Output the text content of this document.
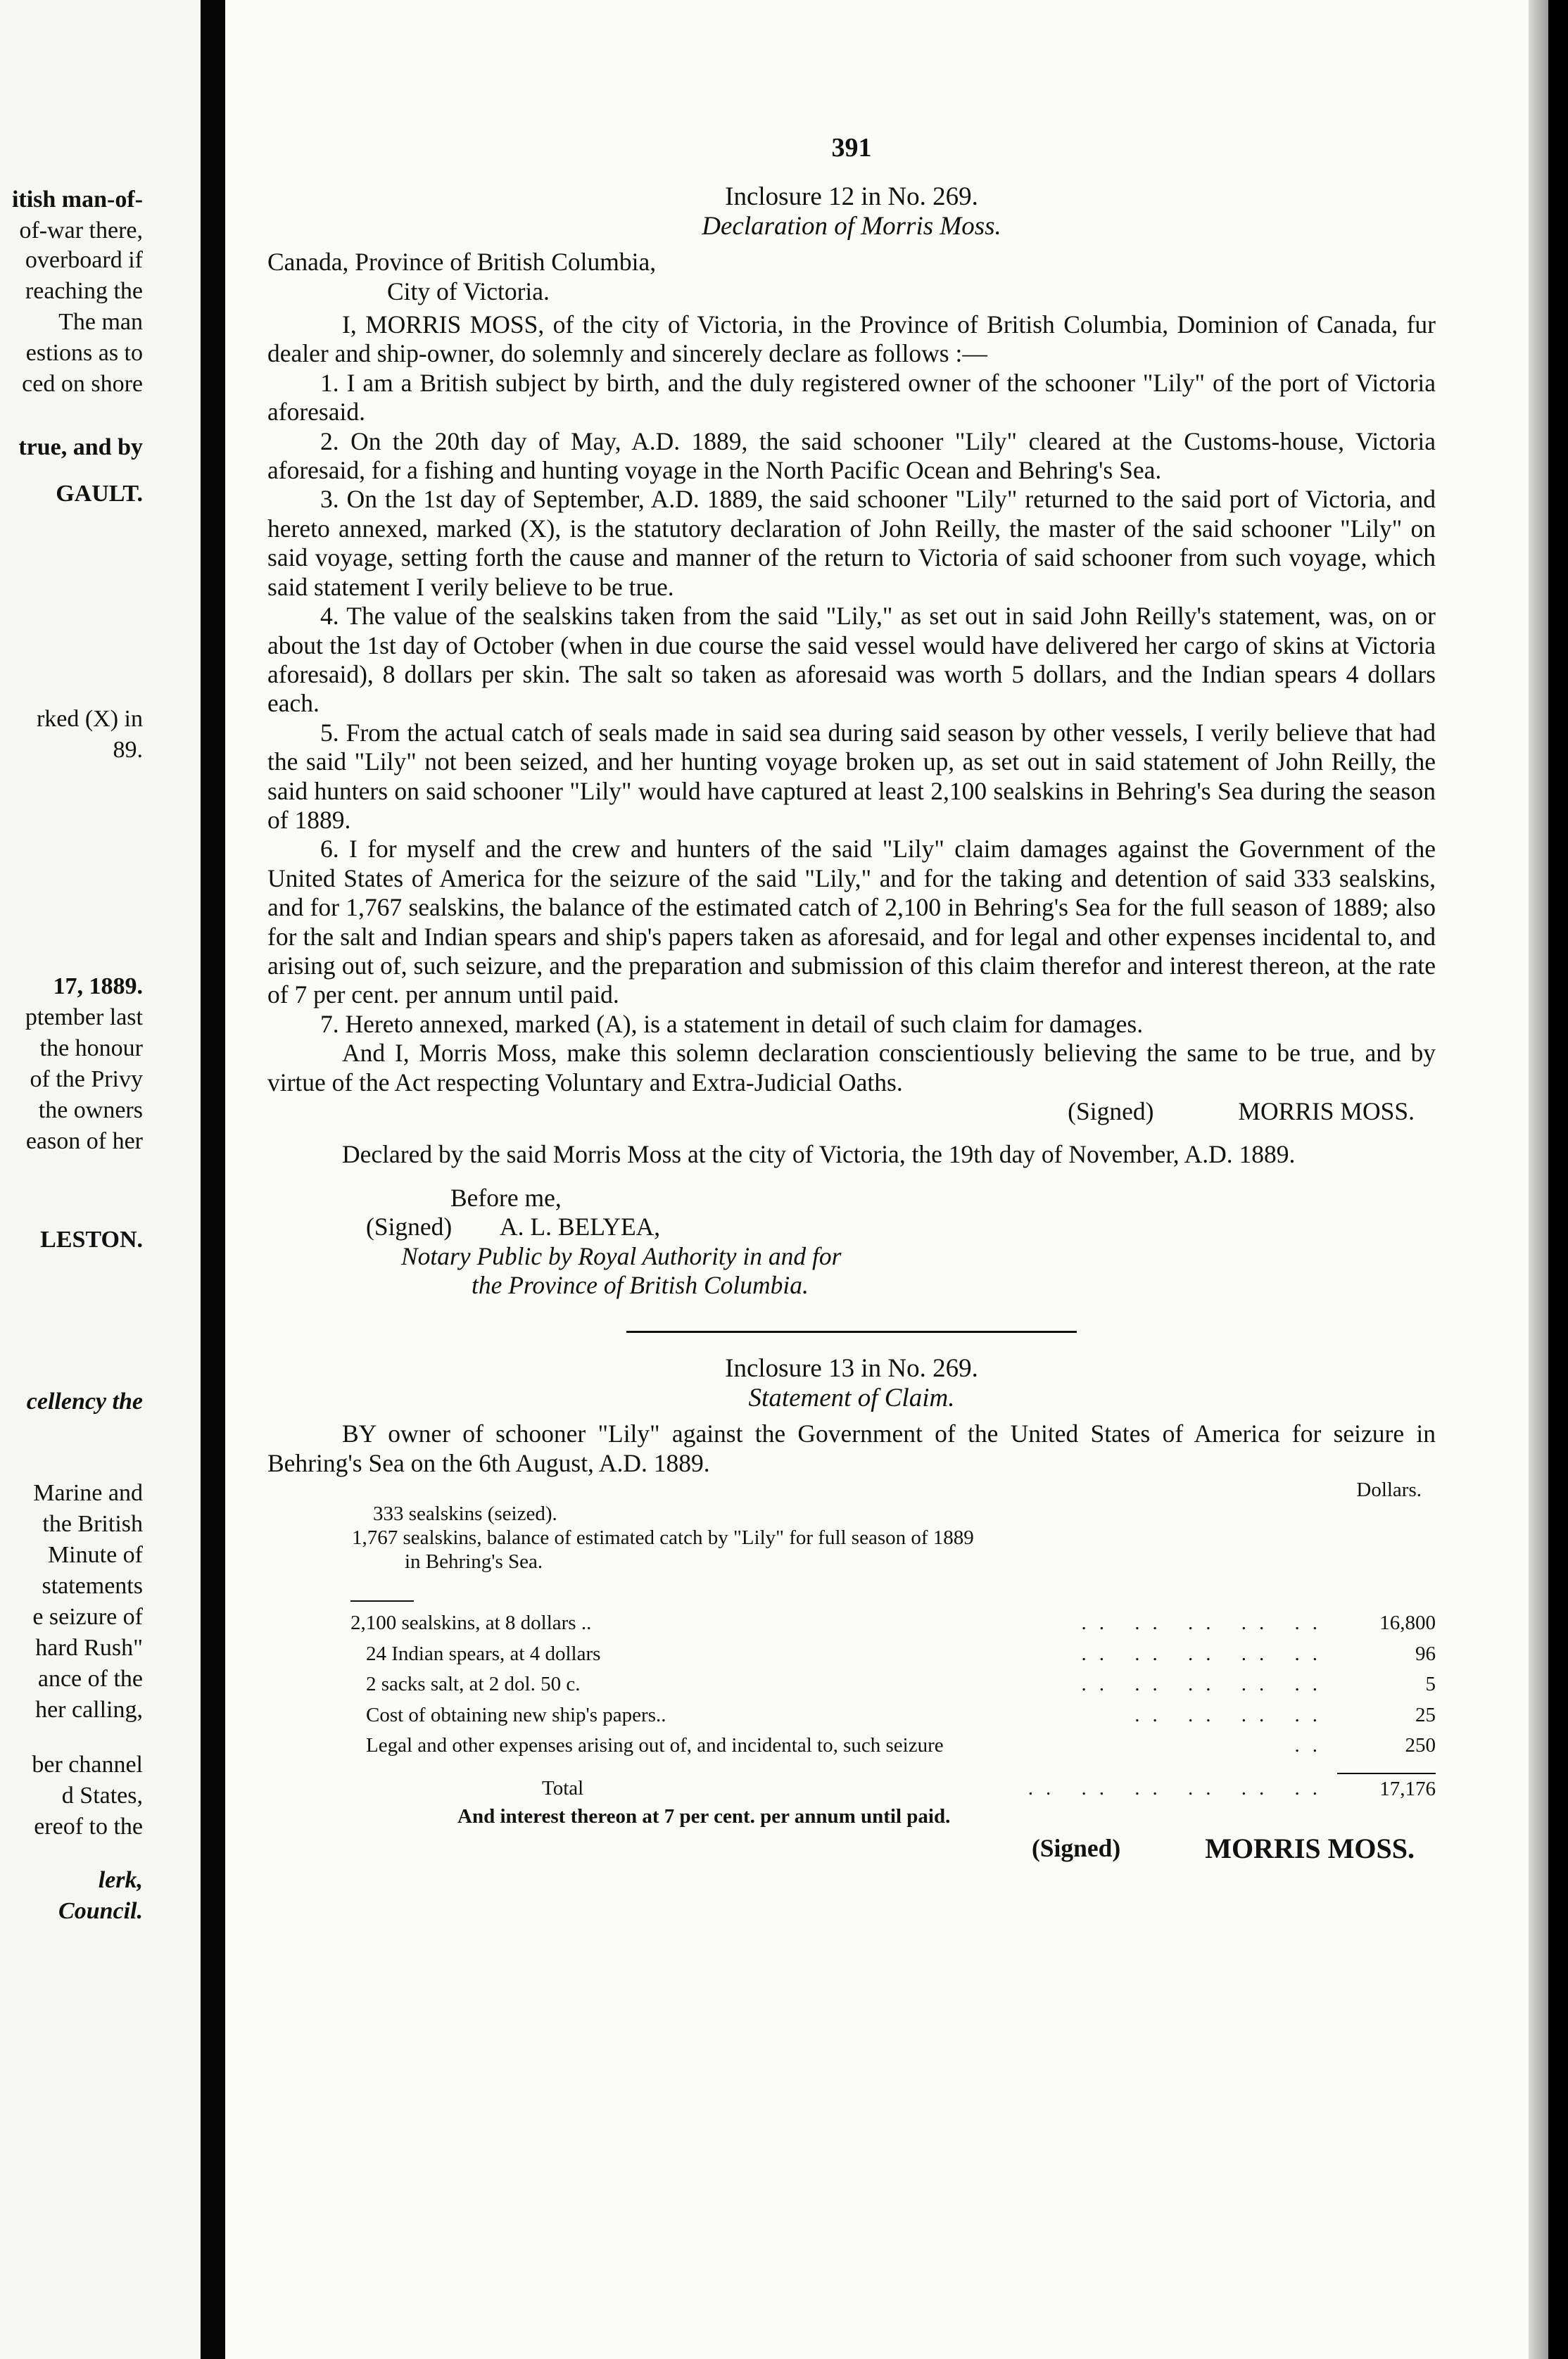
itish man-of-
of-war there,
overboard if
reaching the
The man
estions as to
ced on shore
true, and by
GAULT.
rked (X) in
89.
17, 1889.
ptember last
the honour
of the Privy
the owners
eason of her
LESTON.
cellency the
Marine and
the British
Minute of
statements
e seizure of
hard Rush"
ance of the
her calling,
ber channel
d States,
ereof to the
lerk,
Council.
391
Inclosure 12 in No. 269.
Declaration of Morris Moss.
Canada, Province of British Columbia,
City of Victoria.

I, MORRIS MOSS, of the city of Victoria, in the Province of British Columbia, Dominion of Canada, fur dealer and ship-owner, do solemnly and sincerely declare as follows :—

1. I am a British subject by birth, and the duly registered owner of the schooner "Lily" of the port of Victoria aforesaid.

2. On the 20th day of May, A.D. 1889, the said schooner "Lily" cleared at the Customs-house, Victoria aforesaid, for a fishing and hunting voyage in the North Pacific Ocean and Behring's Sea.

3. On the 1st day of September, A.D. 1889, the said schooner "Lily" returned to the said port of Victoria, and hereto annexed, marked (X), is the statutory declaration of John Reilly, the master of the said schooner "Lily" on said voyage, setting forth the cause and manner of the return to Victoria of said schooner from such voyage, which said statement I verily believe to be true.

4. The value of the sealskins taken from the said "Lily," as set out in said John Reilly's statement, was, on or about the 1st day of October (when in due course the said vessel would have delivered her cargo of skins at Victoria aforesaid), 8 dollars per skin. The salt so taken as aforesaid was worth 5 dollars, and the Indian spears 4 dollars each.

5. From the actual catch of seals made in said sea during said season by other vessels, I verily believe that had the said "Lily" not been seized, and her hunting voyage broken up, as set out in said statement of John Reilly, the said hunters on said schooner "Lily" would have captured at least 2,100 sealskins in Behring's Sea during the season of 1889.

6. I for myself and the crew and hunters of the said "Lily" claim damages against the Government of the United States of America for the seizure of the said "Lily," and for the taking and detention of said 333 sealskins, and for 1,767 sealskins, the balance of the estimated catch of 2,100 in Behring's Sea for the full season of 1889; also for the salt and Indian spears and ship's papers taken as aforesaid, and for legal and other expenses incidental to, and arising out of, such seizure, and the preparation and submission of this claim therefor and interest thereon, at the rate of 7 per cent. per annum until paid.

7. Hereto annexed, marked (A), is a statement in detail of such claim for damages.

And I, Morris Moss, make this solemn declaration conscientiously believing the same to be true, and by virtue of the Act respecting Voluntary and Extra-Judicial Oaths.

(Signed)	MORRIS MOSS.

Declared by the said Morris Moss at the city of Victoria, the 19th day of November, A.D. 1889.

Before me,
(Signed) A. L. BELYEA,
Notary Public by Royal Authority in and for
the Province of British Columbia.
Inclosure 13 in No. 269.
Statement of Claim.

BY owner of schooner "Lily" against the Government of the United States of America for seizure in Behring's Sea on the 6th August, A.D. 1889.

Dollars.
333 sealskins (seized).
1,767 sealskins, balance of estimated catch by "Lily" for full season of 1889
in Behring's Sea.
2,100 sealskins, at 8 dollars ..	.. .. .. .. ..	16,800
24 Indian spears, at 4 dollars	.. .. .. .. ..	96
2 sacks salt, at 2 dol. 50 c.	.. .. .. .. ..	5
Cost of obtaining new ship's papers..	.. .. .. ..	25
Legal and other expenses arising out of, and incidental to, such seizure	..	250
Total	.. .. .. .. .. ..	17,176
And interest thereon at 7 per cent. per annum until paid.
(Signed)	MORRIS MOSS.
